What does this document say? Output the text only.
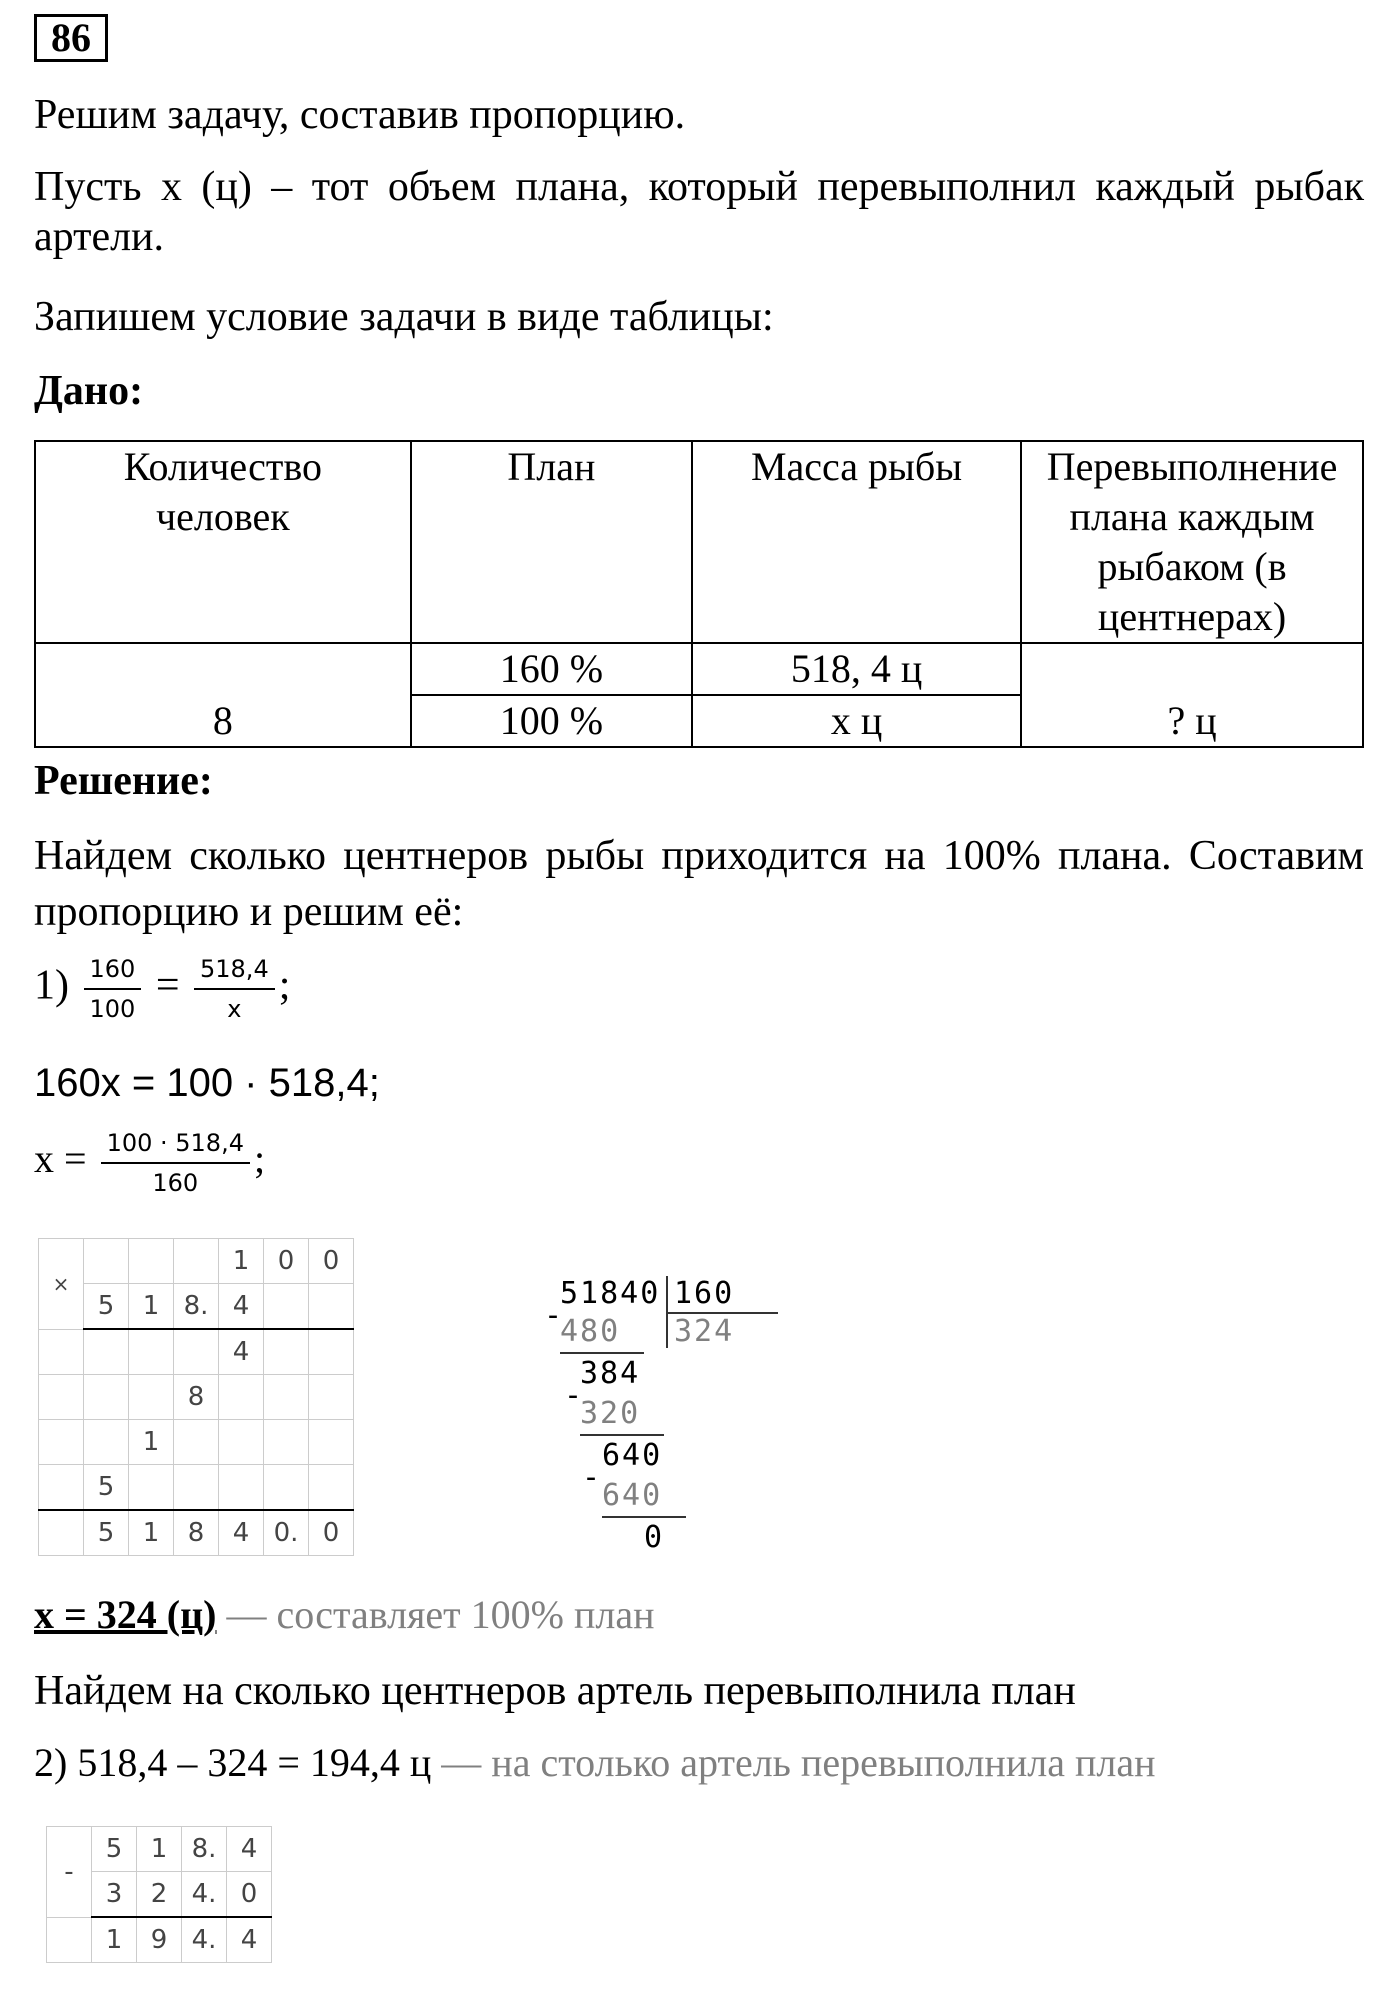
86
Решим задачу, составив пропорцию.
Пусть х (ц) – тот объем плана, который перевыполнил каждый рыбак артели.
Запишем условие задачи в виде таблицы:
Дано:
Количество человек	План	Масса рыбы	Перевыполнение плана каждым рыбаком (в центнерах)
8	160 %	518, 4 ц	? ц
	100 %	х ц	
Решение:
Найдем сколько центнеров рыбы приходится на 100% плана. Составим пропорцию и решим её:
$1) \frac{160}{100} = \frac{518,4}{х}$ ;
160х = 100 · 518,4;
$х = \frac{100 \cdot 518,4}{160}$ ;
×				1	0	0
	5	1	8.	4		
				4		
			8			
		1				
	5					
	5	1	8	4	0.	0
51840 160
324
-
480
384
-
320
640
-
640
0
х = 324 (ц) — составляет 100% план
Найдем на сколько центнеров артель перевыполнила план
2) 518,4 – 324 = 194,4 ц — на столько артель перевыполнила план
-	5	1	8.	4
	3	2	4.	0
	1	9	4.	4
